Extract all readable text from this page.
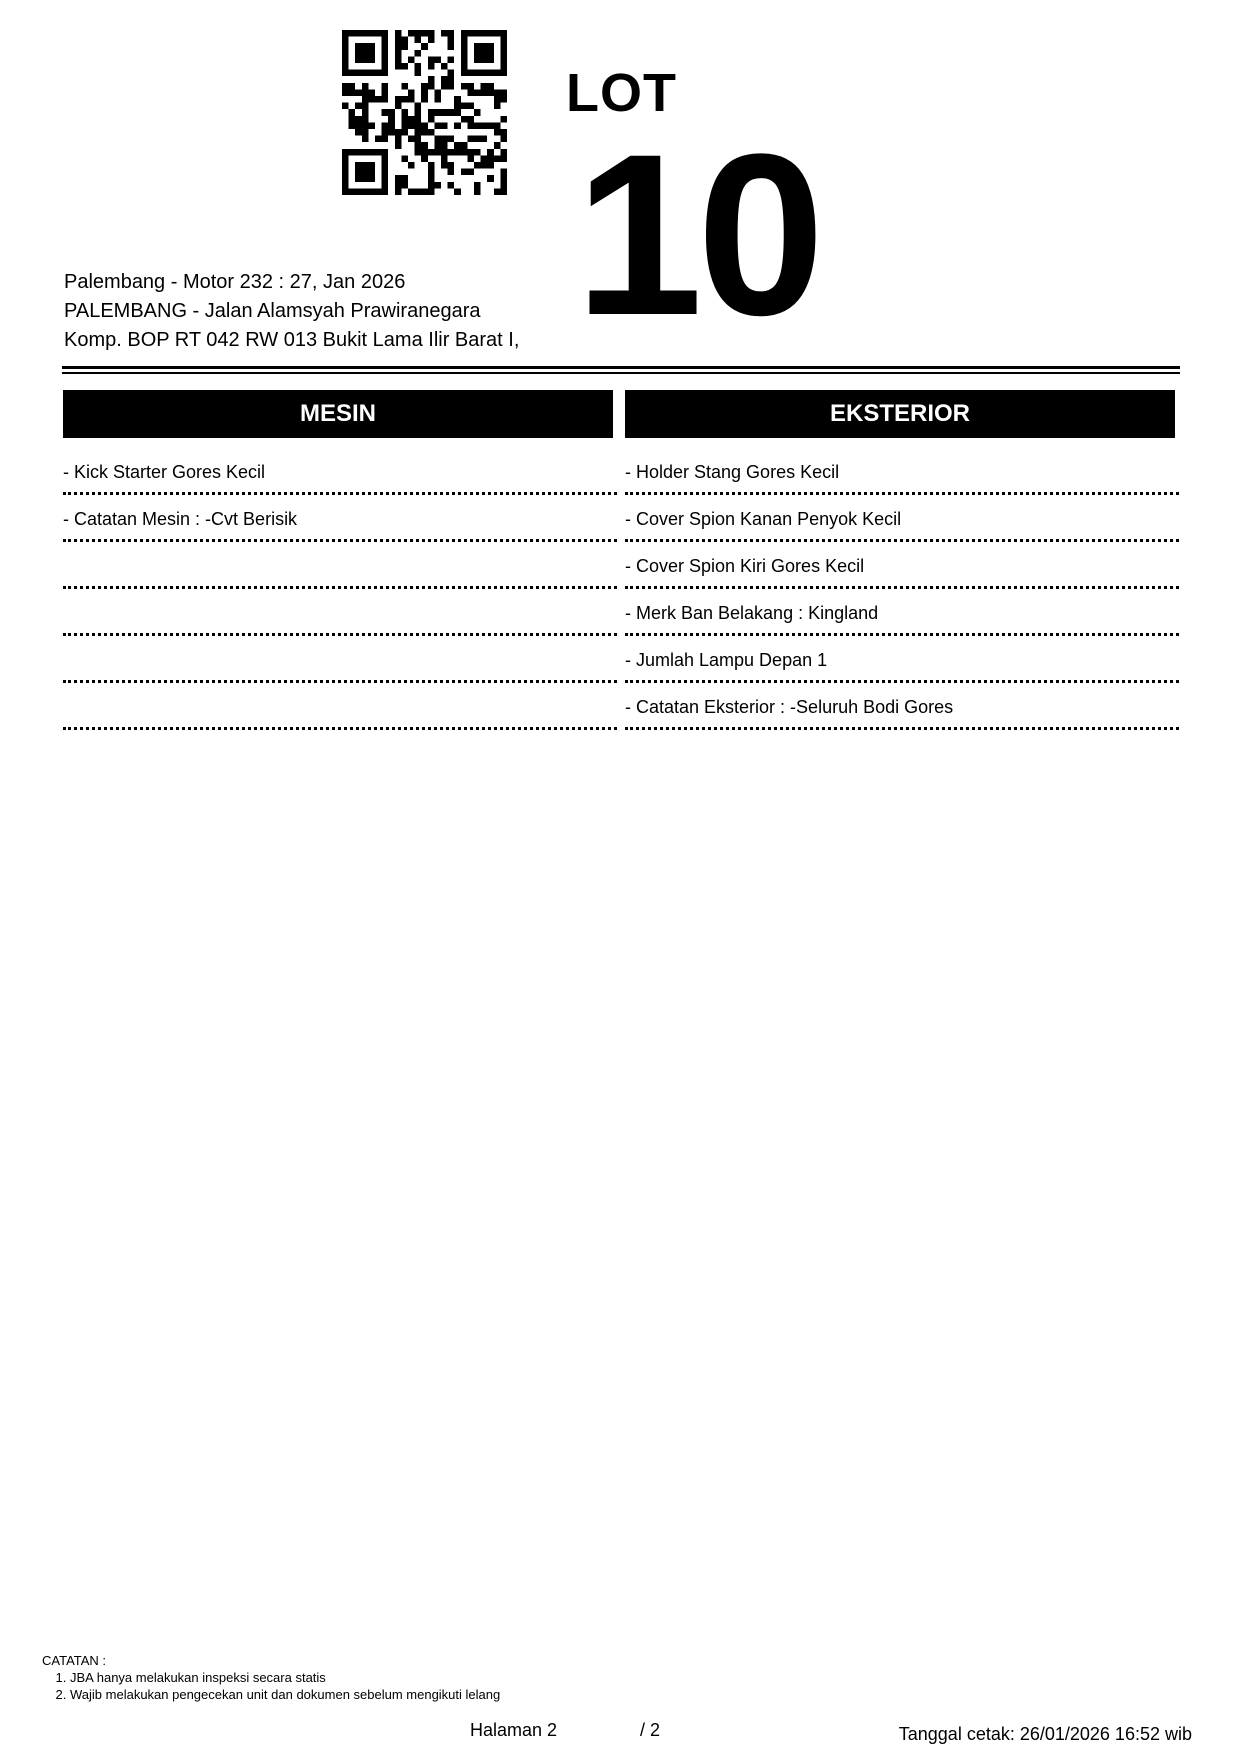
LOT
10
Palembang - Motor 232 : 27, Jan 2026
PALEMBANG - Jalan Alamsyah Prawiranegara
Komp. BOP RT 042 RW 013 Bukit Lama Ilir Barat I,
MESIN
- Kick Starter Gores Kecil
- Catatan Mesin : -Cvt Berisik
EKSTERIOR
- Holder Stang Gores Kecil
- Cover Spion Kanan Penyok Kecil
- Cover Spion Kiri Gores Kecil
- Merk Ban Belakang : Kingland
- Jumlah Lampu Depan 1
- Catatan Eksterior : -Seluruh Bodi Gores
CATATAN :
1. JBA hanya melakukan inspeksi secara statis
2. Wajib melakukan pengecekan unit dan dokumen sebelum mengikuti lelang
Halaman 2	/ 2	Tanggal cetak: 26/01/2026 16:52 wib
